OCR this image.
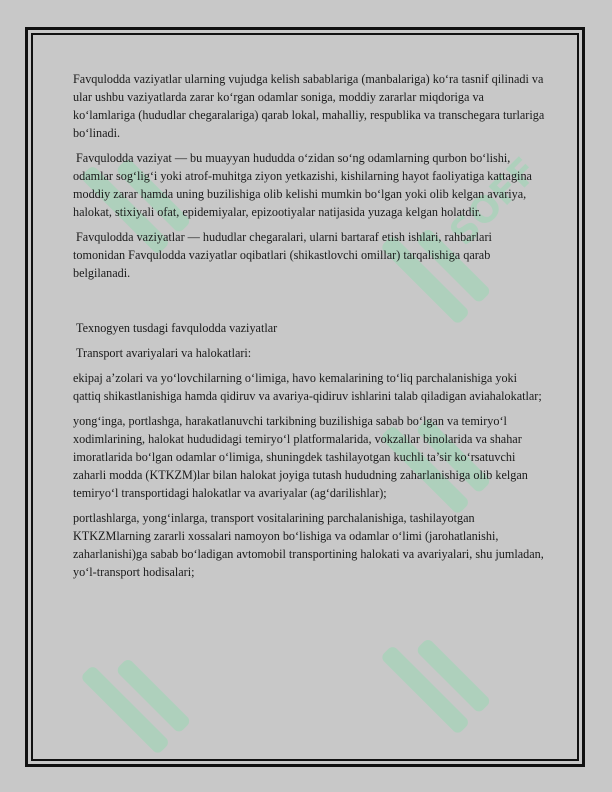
SOFF

Favqulodda vaziyatlar ularning vujudga kelish sabablariga (manbalariga) ko‘ra tasnif qilinadi va ular ushbu vaziyatlarda zarar ko‘rgan odamlar soniga, moddiy zararlar miqdoriga va ko‘lamlariga (hududlar chegaralariga) qarab lokal, mahalliy, respublika va transchegara turlariga bo‘linadi.

Favqulodda vaziyat — bu muayyan hududda o‘zidan so‘ng odamlarning qurbon bo‘lishi, odamlar sog‘lig‘i yoki atrof-muhitga ziyon yetkazishi, kishilarning hayot faoliyatiga kattagina moddiy zarar hamda uning buzilishiga olib kelishi mumkin bo‘lgan yoki olib kelgan avariya, halokat, stixiyali ofat, epidemiyalar, epizootiyalar natijasida yuzaga kelgan holatdir.

Favqulodda vaziyatlar — hududlar chegaralari, ularni bartaraf etish ishlari, rahbarlari tomonidan Favqulodda vaziyatlar oqibatlari (shikastlovchi omillar) tarqalishiga qarab belgilanadi.

Texnogyen tusdagi favqulodda vaziyatlar

Transport avariyalari va halokatlari:

ekipaj a’zolari va yo‘lovchilarning o‘limiga, havo kemalarining to‘liq parchalanishiga yoki qattiq shikastlanishiga hamda qidiruv va avariya-qidiruv ishlarini talab qiladigan aviahalokatlar;

yong‘inga, portlashga, harakatlanuvchi tarkibning buzilishiga sabab bo‘lgan va temiryo‘l xodimlarining, halokat hududidagi temiryo‘l platformalarida, vokzallar binolarida va shahar imoratlarida bo‘lgan odamlar o‘limiga, shuningdek tashilayotgan kuchli ta’sir ko‘rsatuvchi zaharli modda (KTKZM)lar bilan halokat joyiga tutash hududning zaharlanishiga olib kelgan temiryo‘l transportidagi halokatlar va avariyalar (ag‘darilishlar);

portlashlarga, yong‘inlarga, transport vositalarining parchalanishiga, tashilayotgan KTKZMlarning zararli xossalari namoyon bo‘lishiga va odamlar o‘limi (jarohatlanishi, zaharlanishi)ga sabab bo‘ladigan avtomobil transportining halokati va avariyalari, shu jumladan, yo‘l-transport hodisalari;
